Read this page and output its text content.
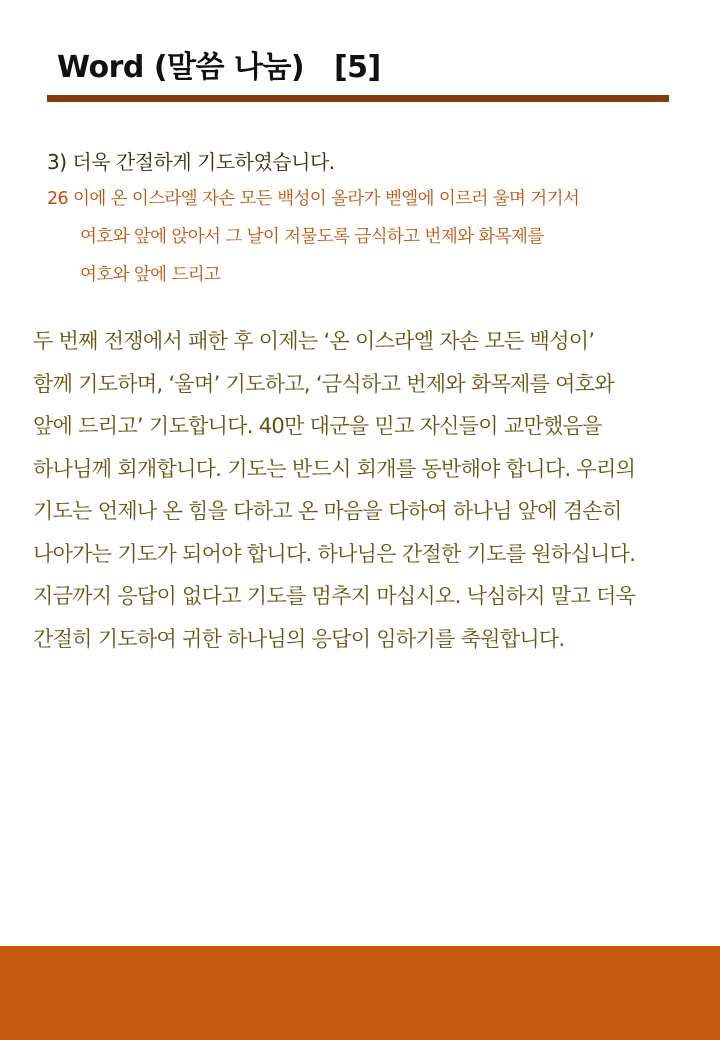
Word (말씀 나눔)   [5]
3) 더욱 간절하게 기도하였습니다.
26 이에 온 이스라엘 자손 모든 백성이 올라가 벧엘에 이르러 울며 거기서
여호와 앞에 앉아서 그 날이 저물도록 금식하고 번제와 화목제를
여호와 앞에 드리고
두 번째 전쟁에서 패한 후 이제는 ‘온 이스라엘 자손 모든 백성이’
함께 기도하며, ‘울며’ 기도하고, ‘금식하고 번제와 화목제를 여호와
앞에 드리고’ 기도합니다. 40만 대군을 믿고 자신들이 교만했음을
하나님께 회개합니다. 기도는 반드시 회개를 동반해야 합니다. 우리의
기도는 언제나 온 힘을 다하고 온 마음을 다하여 하나님 앞에 겸손히
나아가는 기도가 되어야 합니다. 하나님은 간절한 기도를 원하십니다.
지금까지 응답이 없다고 기도를 멈추지 마십시오. 낙심하지 말고 더욱
간절히 기도하여 귀한 하나님의 응답이 임하기를 축원합니다.
